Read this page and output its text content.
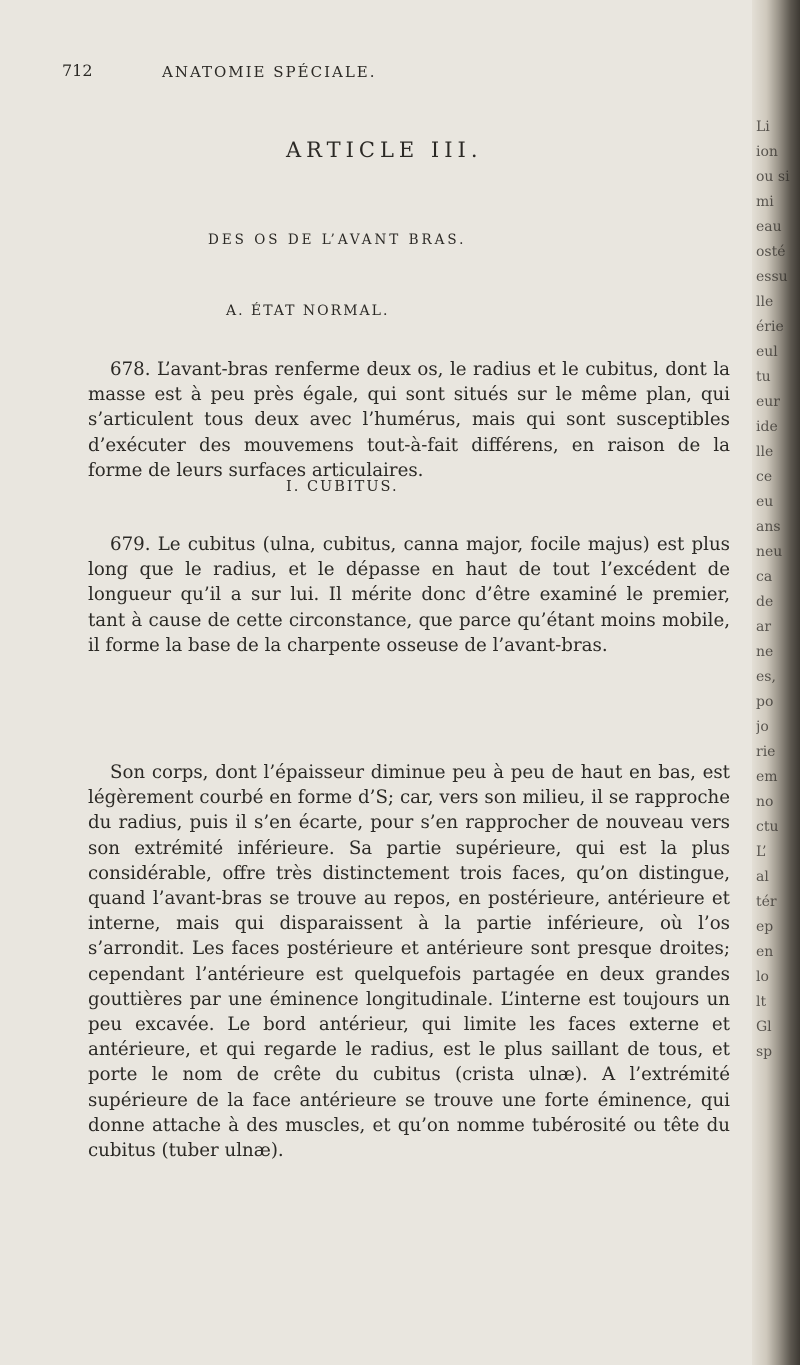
Li
ion
ou si
mi
eau
osté
essu
lle
érie
eul
tu
eur
ide
lle
ce
eu
ans
neu
ca
de
ar
ne
es,
po
jo
rie
em
no
ctu
L’
al
tér
ep
en
lo
lt
Gl
sp
712	ANATOMIE SPÉCIALE.
ARTICLE III.
DES OS DE L’AVANT BRAS.
A. ÉTAT NORMAL.
678. L’avant-bras renferme deux os, le radius et le cubitus, dont la masse est à peu près égale, qui sont situés sur le même plan, qui s’articulent tous deux avec l’humérus, mais qui sont susceptibles d’exécuter des mouvemens tout-à-fait différens, en raison de la forme de leurs surfaces articulaires.
I. CUBITUS.
679. Le cubitus (ulna, cubitus, canna major, focile majus) est plus long que le radius, et le dépasse en haut de tout l’excédent de longueur qu’il a sur lui. Il mérite donc d’être examiné le premier, tant à cause de cette circonstance, que parce qu’étant moins mobile, il forme la base de la charpente osseuse de l’avant-bras.
Son corps, dont l’épaisseur diminue peu à peu de haut en bas, est légèrement courbé en forme d’S; car, vers son milieu, il se rapproche du radius, puis il s’en écarte, pour s’en rapprocher de nouveau vers son extrémité inférieure. Sa partie supérieure, qui est la plus considérable, offre très distinctement trois faces, qu’on distingue, quand l’avant-bras se trouve au repos, en postérieure, antérieure et interne, mais qui disparaissent à la partie inférieure, où l’os s’arrondit. Les faces postérieure et antérieure sont presque droites; cependant l’antérieure est quelquefois partagée en deux grandes gouttières par une éminence longitudinale. L’interne est toujours un peu excavée. Le bord antérieur, qui limite les faces externe et antérieure, et qui regarde le radius, est le plus saillant de tous, et porte le nom de crête du cubitus (crista ulnæ). A l’extrémité supérieure de la face antérieure se trouve une forte éminence, qui donne attache à des muscles, et qu’on nomme tubérosité ou tête du cubitus (tuber ulnæ).
